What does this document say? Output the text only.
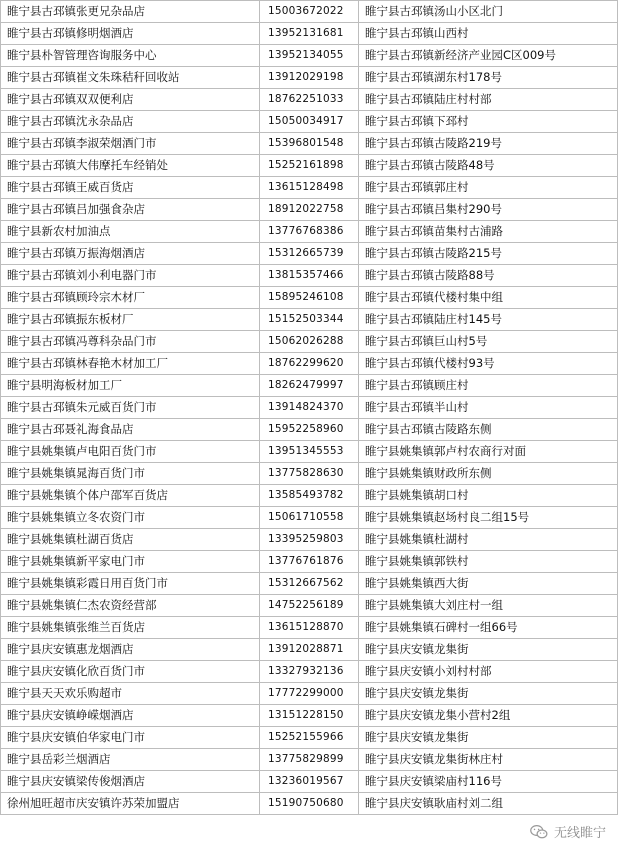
睢宁县古邳镇张更兄杂品店	15003672022	睢宁县古邳镇汤山小区北门
睢宁县古邳镇修明烟酒店	13952131681	睢宁县古邳镇山西村
睢宁县朴智管理咨询服务中心	13952134055	睢宁县古邳镇新经济产业园C区009号
睢宁县古邳镇崔文朱珠秸秆回收站	13912029198	睢宁县古邳镇湖东村178号
睢宁县古邳镇双双便利店	18762251033	睢宁县古邳镇陆庄村村部
睢宁县古邳镇沈永杂品店	15050034917	睢宁县古邳镇下邳村
睢宁县古邳镇李淑荣烟酒门市	15396801548	睢宁县古邳镇古陵路219号
睢宁县古邳镇大伟摩托车经销处	15252161898	睢宁县古邳镇古陵路48号
睢宁县古邳镇王威百货店	13615128498	睢宁县古邳镇郭庄村
睢宁县古邳镇吕加强食杂店	18912022758	睢宁县古邳镇吕集村290号
睢宁县新农村加油点	13776768386	睢宁县古邳镇苗集村古浦路
睢宁县古邳镇万振海烟酒店	15312665739	睢宁县古邳镇古陵路215号
睢宁县古邳镇刘小利电器门市	13815357466	睢宁县古邳镇古陵路88号
睢宁县古邳镇顾玲宗木材厂	15895246108	睢宁县古邳镇代楼村集中组
睢宁县古邳镇振东板材厂	15152503344	睢宁县古邳镇陆庄村145号
睢宁县古邳镇冯尊科杂品门市	15062026288	睢宁县古邳镇巨山村5号
睢宁县古邳镇林春艳木材加工厂	18762299620	睢宁县古邳镇代楼村93号
睢宁县明海板材加工厂	18262479997	睢宁县古邳镇顾庄村
睢宁县古邳镇朱元威百货门市	13914824370	睢宁县古邳镇半山村
睢宁县古邳聂礼海食品店	15952258960	睢宁县古邳镇古陵路东侧
睢宁县姚集镇卢电阳百货门市	13951345553	睢宁县姚集镇郭卢村农商行对面
睢宁县姚集镇晁海百货门市	13775828630	睢宁县姚集镇财政所东侧
睢宁县姚集镇个体户邵军百货店	13585493782	睢宁县姚集镇胡口村
睢宁县姚集镇立冬农资门市	15061710558	睢宁县姚集镇赵场村良二组15号
睢宁县姚集镇杜湖百货店	13395259803	睢宁县姚集镇杜湖村
睢宁县姚集镇新平家电门市	13776761876	睢宁县姚集镇郭铁村
睢宁县姚集镇彩霞日用百货门市	15312667562	睢宁县姚集镇西大街
睢宁县姚集镇仁杰农资经营部	14752256189	睢宁县姚集镇大刘庄村一组
睢宁县姚集镇张维兰百货店	13615128870	睢宁县姚集镇石碑村一组66号
睢宁县庆安镇惠龙烟酒店	13912028871	睢宁县庆安镇龙集街
睢宁县庆安镇化欣百货门市	13327932136	睢宁县庆安镇小刘村村部
睢宁县天天欢乐购超市	17772299000	睢宁县庆安镇龙集街
睢宁县庆安镇峥嵘烟酒店	13151228150	睢宁县庆安镇龙集小营村2组
睢宁县庆安镇伯华家电门市	15252155966	睢宁县庆安镇龙集街
睢宁县岳彩兰烟酒店	13775829899	睢宁县庆安镇龙集街林庄村
睢宁县庆安镇梁传俊烟酒店	13236019567	睢宁县庆安镇梁庙村116号
徐州旭旺超市庆安镇许苏荣加盟店	15190750680	睢宁县庆安镇耿庙村刘二组
无线睢宁
